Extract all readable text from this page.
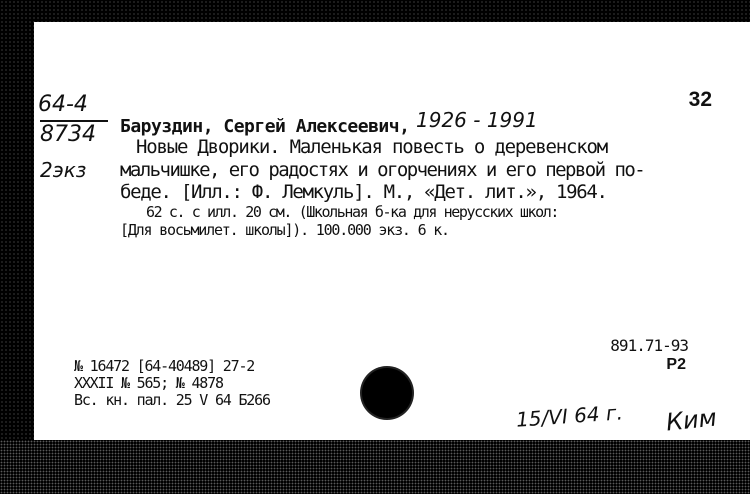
64-4
8734
2экз
32
Баруздин, Сергей Алексеевич, 1926 - 1991
Новые Дворики. Маленькая повесть о деревенском
мальчишке, его радостях и огорчениях и его первой по-
беде. [Илл.: Ф. Лемкуль]. М., «Дет. лит.», 1964.
62 с. с илл. 20 см. (Школьная б-ка для нерусских школ:
[Для восьмилет. школы]). 100.000 экз. 6 к.
891.71-93
Р2
№ 16472 [64-40489] 27-2
XXXII № 565; № 4878
Вс. кн. пал. 25 V 64 Б266
15/VI 64 г. Ким
